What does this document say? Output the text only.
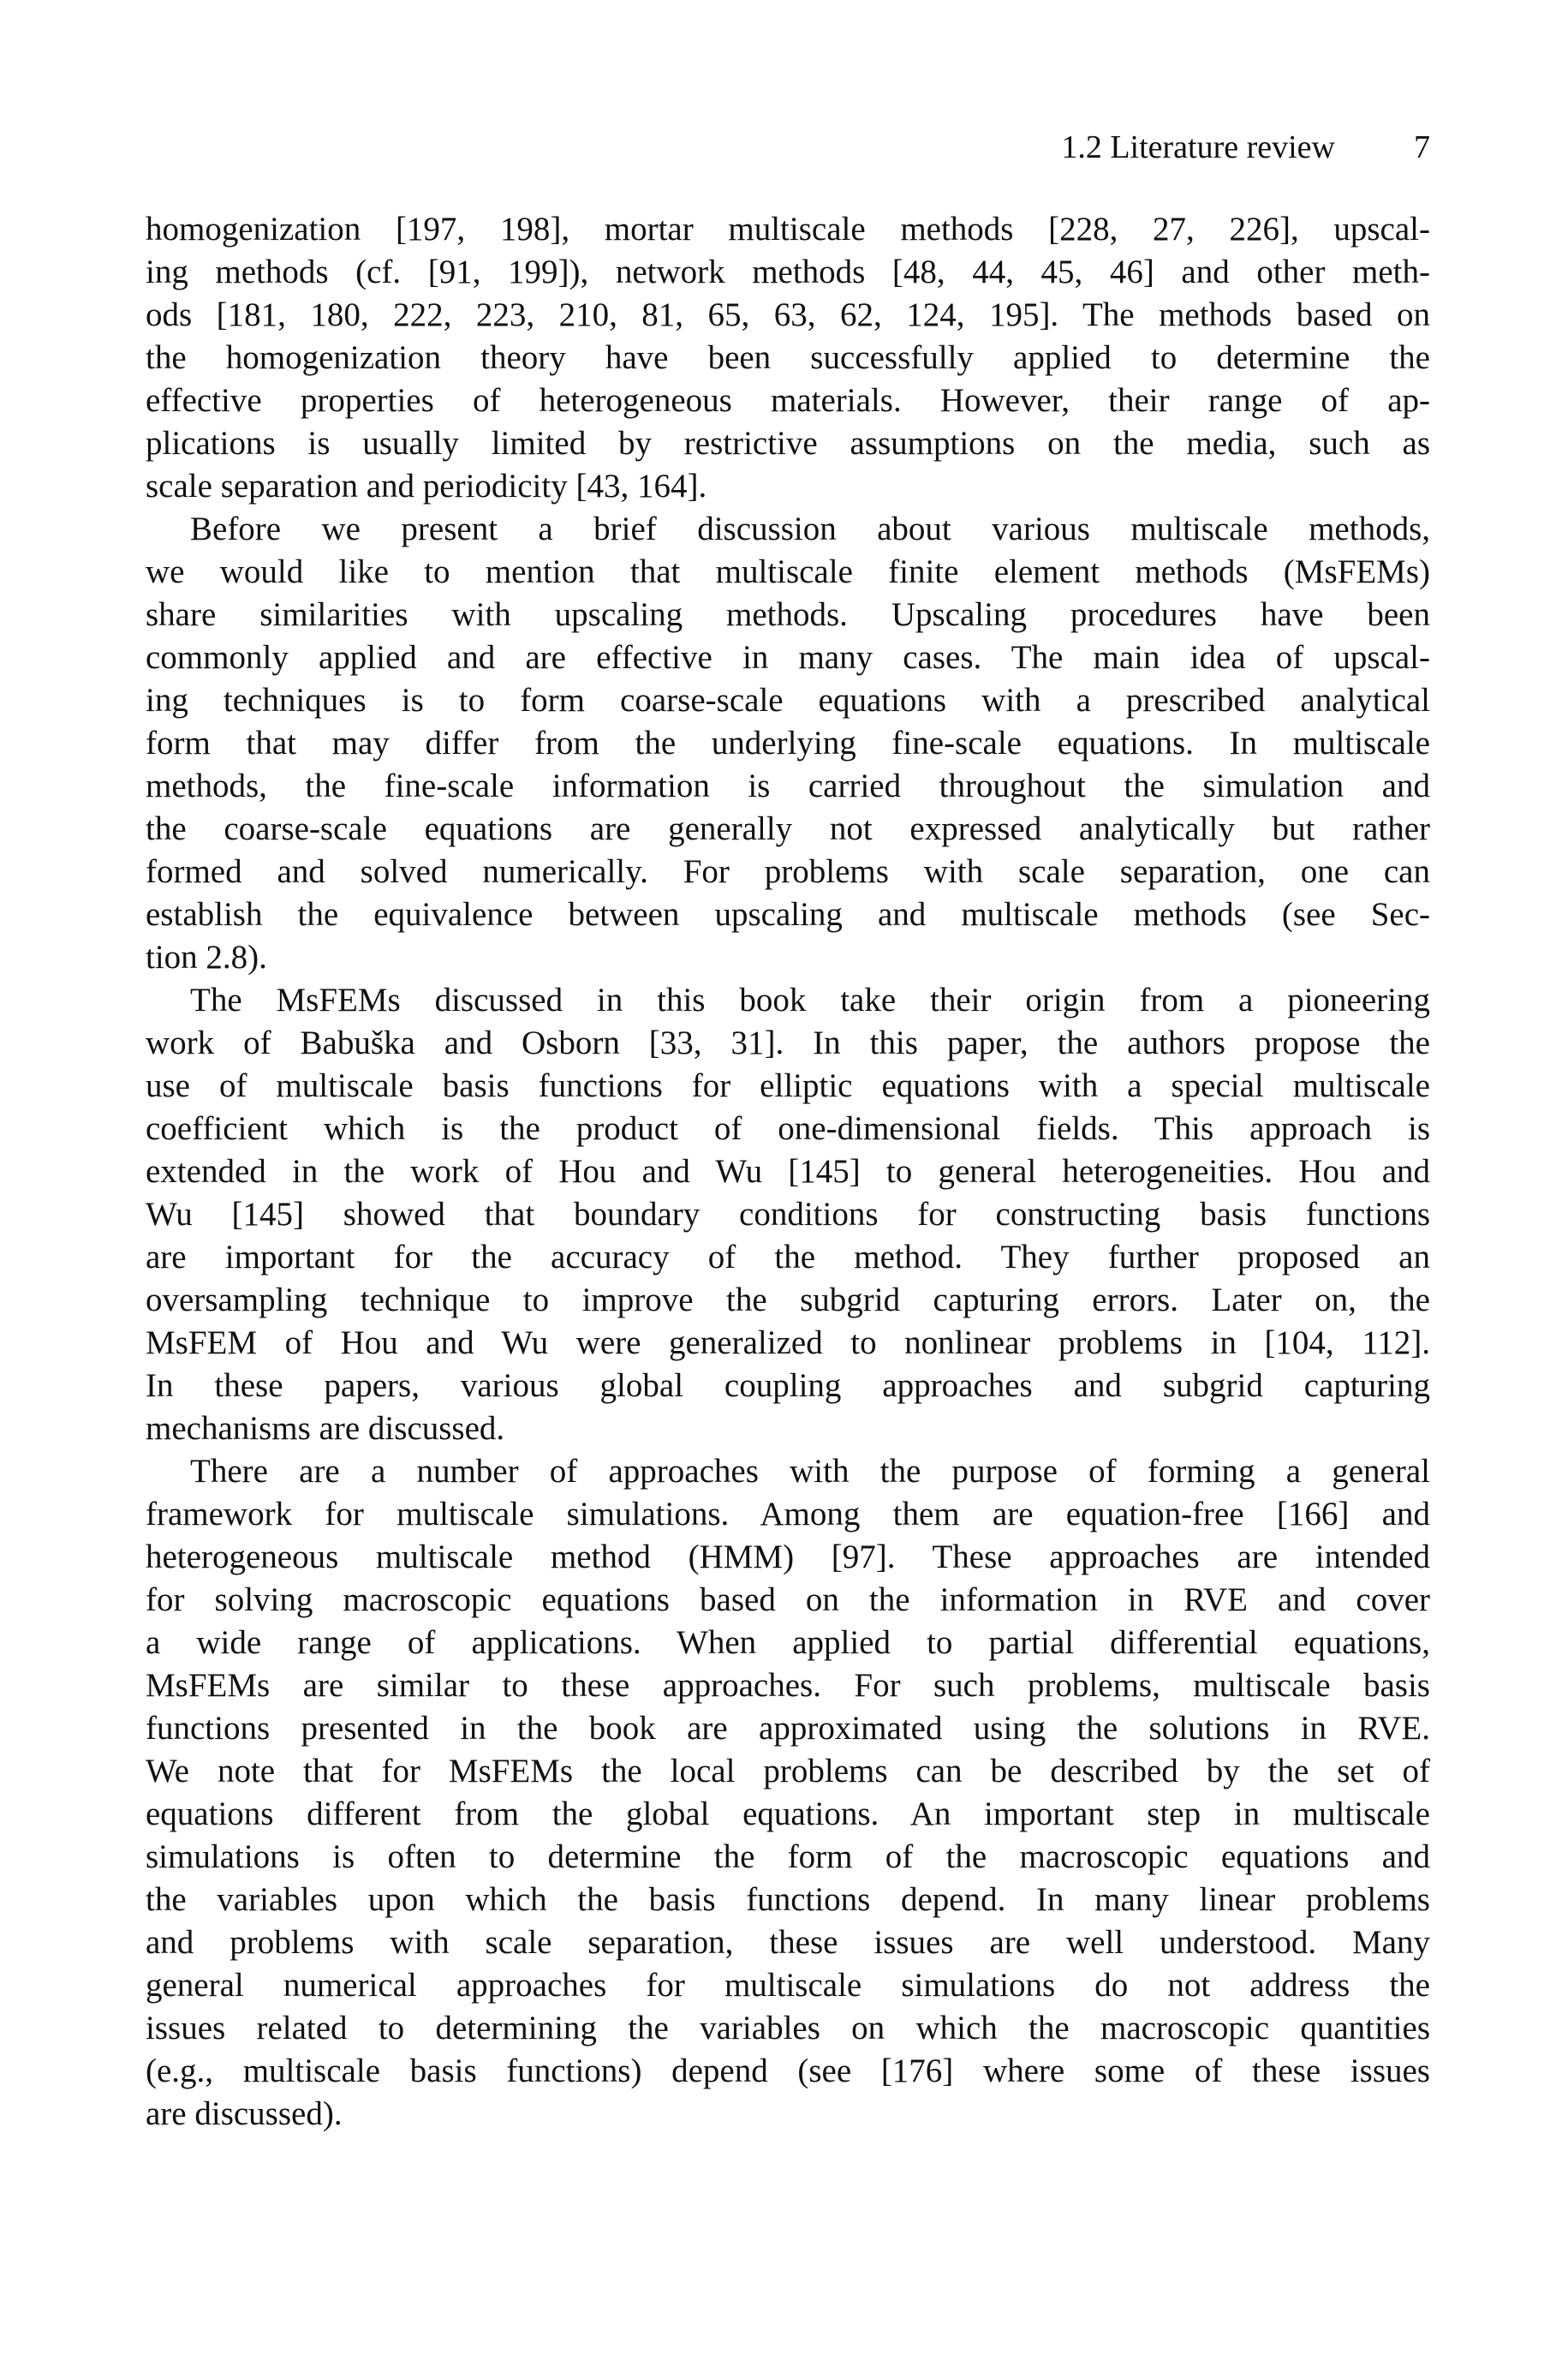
1.2 Literature review 7
homogenization [197, 198], mortar multiscale methods [228, 27, 226], upscal-
ing methods (cf. [91, 199]), network methods [48, 44, 45, 46] and other meth-
ods [181, 180, 222, 223, 210, 81, 65, 63, 62, 124, 195]. The methods based on
the homogenization theory have been successfully applied to determine the
effective properties of heterogeneous materials. However, their range of ap-
plications is usually limited by restrictive assumptions on the media, such as
scale separation and periodicity [43, 164].
Before we present a brief discussion about various multiscale methods,
we would like to mention that multiscale finite element methods (MsFEMs)
share similarities with upscaling methods. Upscaling procedures have been
commonly applied and are effective in many cases. The main idea of upscal-
ing techniques is to form coarse-scale equations with a prescribed analytical
form that may differ from the underlying fine-scale equations. In multiscale
methods, the fine-scale information is carried throughout the simulation and
the coarse-scale equations are generally not expressed analytically but rather
formed and solved numerically. For problems with scale separation, one can
establish the equivalence between upscaling and multiscale methods (see Sec-
tion 2.8).
The MsFEMs discussed in this book take their origin from a pioneering
work of Babuška and Osborn [33, 31]. In this paper, the authors propose the
use of multiscale basis functions for elliptic equations with a special multiscale
coefficient which is the product of one-dimensional fields. This approach is
extended in the work of Hou and Wu [145] to general heterogeneities. Hou and
Wu [145] showed that boundary conditions for constructing basis functions
are important for the accuracy of the method. They further proposed an
oversampling technique to improve the subgrid capturing errors. Later on, the
MsFEM of Hou and Wu were generalized to nonlinear problems in [104, 112].
In these papers, various global coupling approaches and subgrid capturing
mechanisms are discussed.
There are a number of approaches with the purpose of forming a general
framework for multiscale simulations. Among them are equation-free [166] and
heterogeneous multiscale method (HMM) [97]. These approaches are intended
for solving macroscopic equations based on the information in RVE and cover
a wide range of applications. When applied to partial differential equations,
MsFEMs are similar to these approaches. For such problems, multiscale basis
functions presented in the book are approximated using the solutions in RVE.
We note that for MsFEMs the local problems can be described by the set of
equations different from the global equations. An important step in multiscale
simulations is often to determine the form of the macroscopic equations and
the variables upon which the basis functions depend. In many linear problems
and problems with scale separation, these issues are well understood. Many
general numerical approaches for multiscale simulations do not address the
issues related to determining the variables on which the macroscopic quantities
(e.g., multiscale basis functions) depend (see [176] where some of these issues
are discussed).
